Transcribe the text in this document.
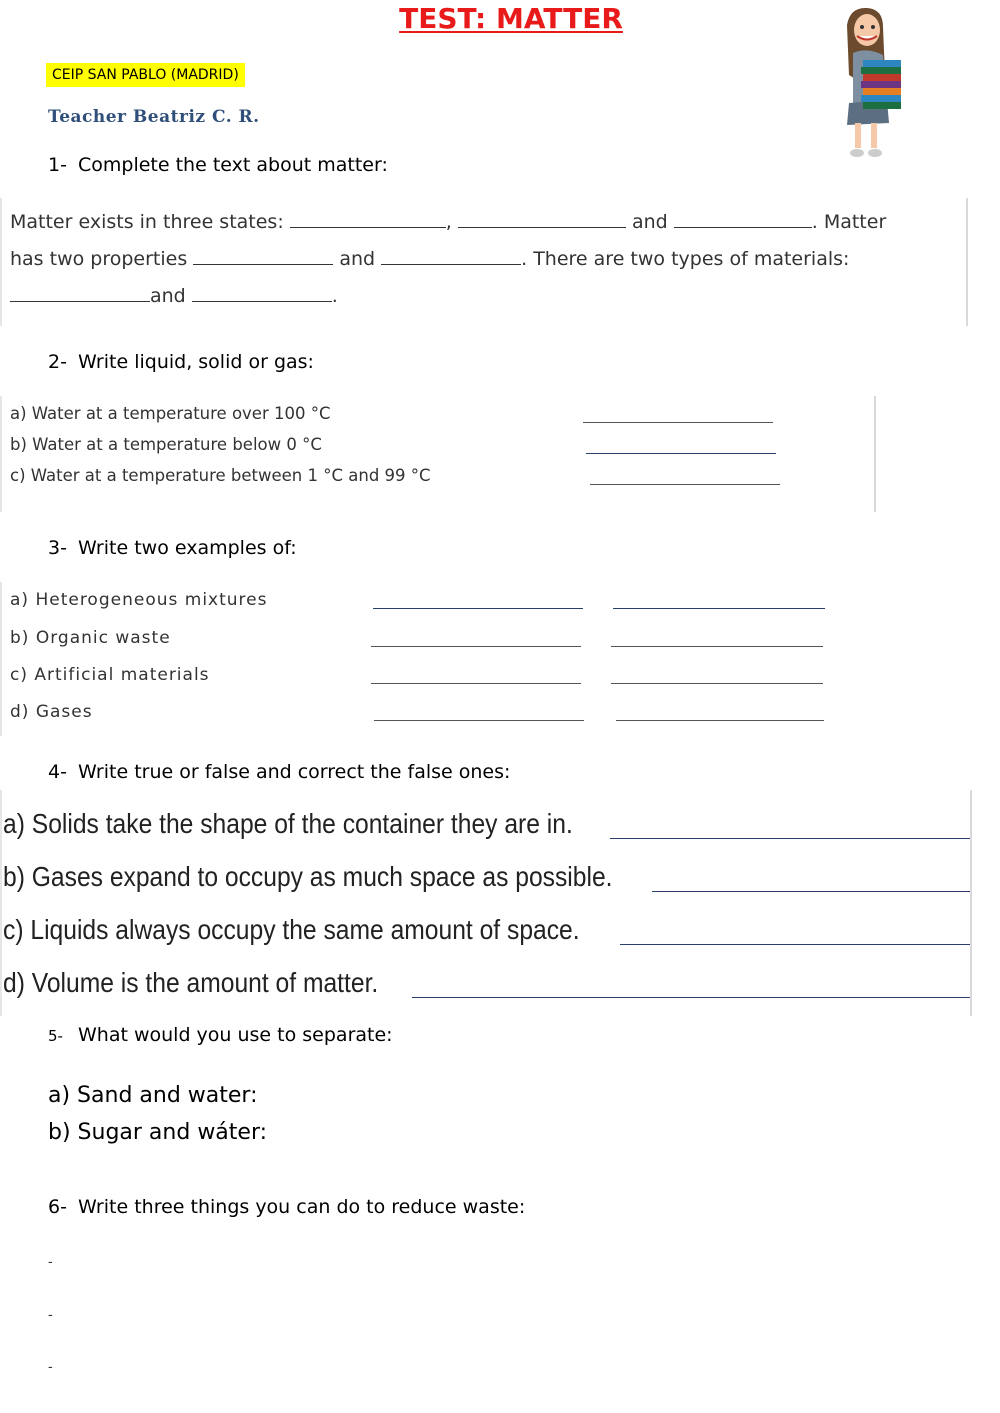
TEST: MATTER
CEIP SAN PABLO (MADRID)
Teacher Beatriz C. R.
1- Complete the text about matter:
Matter exists in three states:	,	and	. Matter
has two properties	and	. There are two types of materials:
and	.
2- Write liquid, solid or gas:
a) Water at a temperature over 100 °C
b) Water at a temperature below 0 °C
c) Water at a temperature between 1 °C and 99 °C
3- Write two examples of:
a) Heterogeneous mixtures
b) Organic waste
c) Artificial materials
d) Gases
4- Write true or false and correct the false ones:
a) Solids take the shape of the container they are in.
b) Gases expand to occupy as much space as possible.
c) Liquids always occupy the same amount of space.
d) Volume is the amount of matter.
5- What would you use to separate:
a) Sand and water:
b) Sugar and wáter:
6- Write three things you can do to reduce waste:
-
-
-
